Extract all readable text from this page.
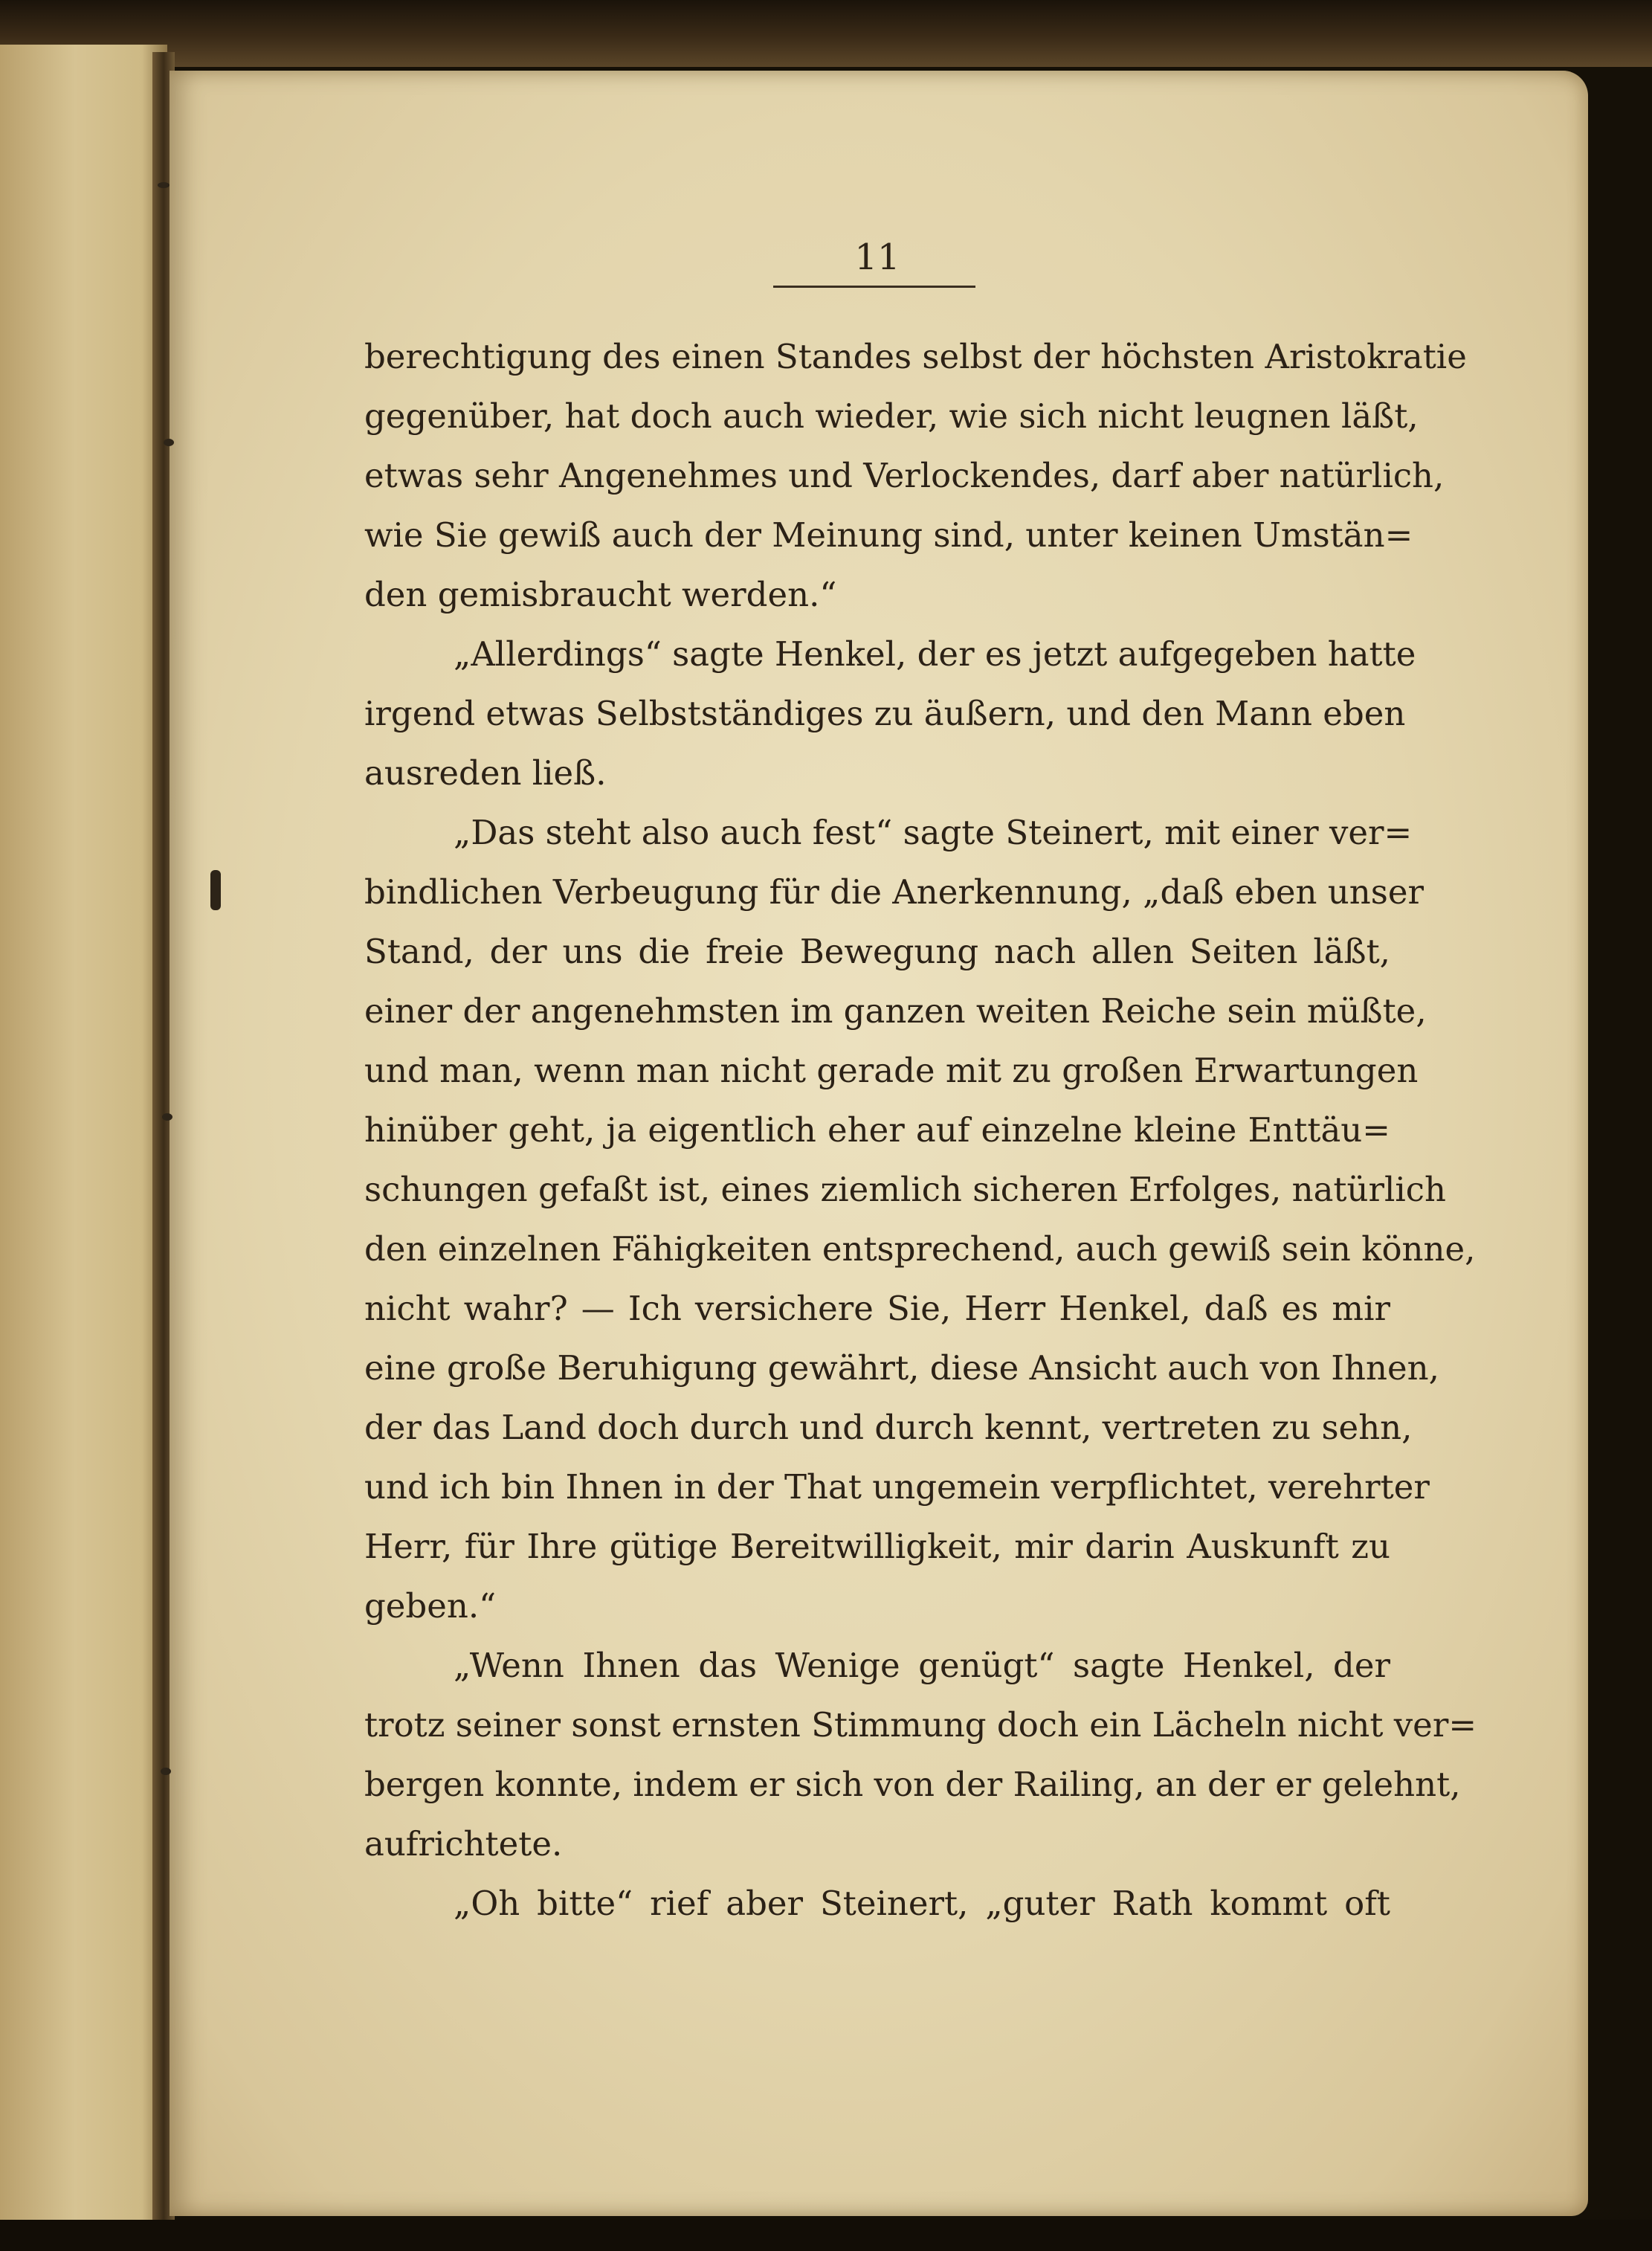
11
berechtigung des einen Standes selbst der höchsten Aristokratie
gegenüber, hat doch auch wieder, wie sich nicht leugnen läßt,
etwas sehr Angenehmes und Verlockendes, darf aber natürlich,
wie Sie gewiß auch der Meinung sind, unter keinen Umstän=
den gemisbraucht werden.“
„Allerdings“ sagte Henkel, der es jetzt aufgegeben hatte
irgend etwas Selbstständiges zu äußern, und den Mann eben
ausreden ließ.
„Das steht also auch fest“ sagte Steinert, mit einer ver=
bindlichen Verbeugung für die Anerkennung, „daß eben unser
Stand, der uns die freie Bewegung nach allen Seiten läßt,
einer der angenehmsten im ganzen weiten Reiche sein müßte,
und man, wenn man nicht gerade mit zu großen Erwartungen
hinüber geht, ja eigentlich eher auf einzelne kleine Enttäu=
schungen gefaßt ist, eines ziemlich sicheren Erfolges, natürlich
den einzelnen Fähigkeiten entsprechend, auch gewiß sein könne,
nicht wahr? — Ich versichere Sie, Herr Henkel, daß es mir
eine große Beruhigung gewährt, diese Ansicht auch von Ihnen,
der das Land doch durch und durch kennt, vertreten zu sehn,
und ich bin Ihnen in der That ungemein verpflichtet, verehrter
Herr, für Ihre gütige Bereitwilligkeit, mir darin Auskunft zu
geben.“
„Wenn Ihnen das Wenige genügt“ sagte Henkel, der
trotz seiner sonst ernsten Stimmung doch ein Lächeln nicht ver=
bergen konnte, indem er sich von der Railing, an der er gelehnt,
aufrichtete.
„Oh bitte“ rief aber Steinert, „guter Rath kommt oft
